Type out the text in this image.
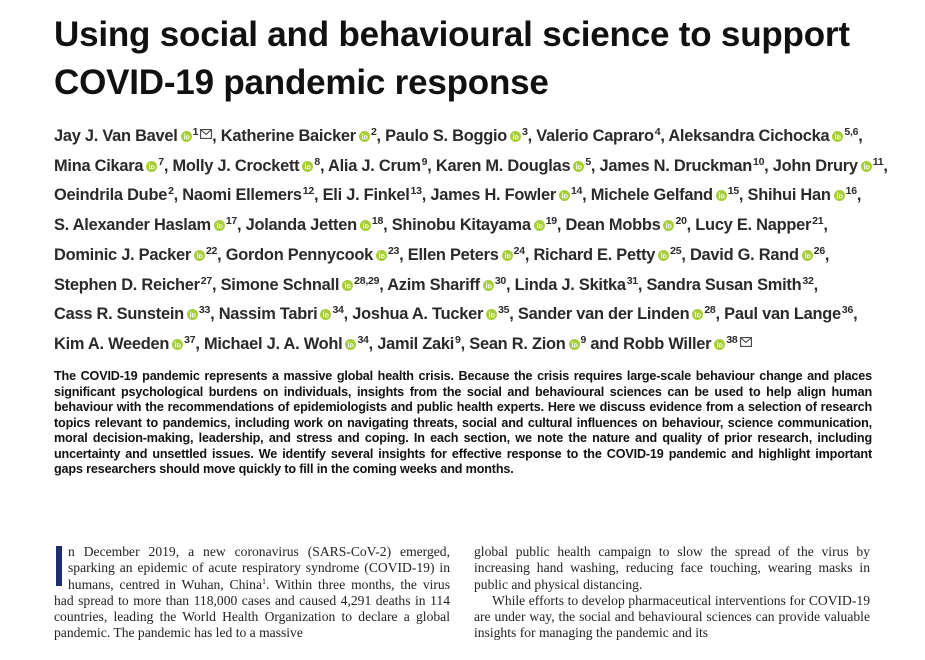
Using social and behavioural science to support COVID-19 pandemic response

Jay J. Van Bavel $^1$ , Katherine Baicker $^2$, Paulo S. Boggio $^3$, Valerio Capraro$^4$, Aleksandra Cichocka $^{5,6}$, Mina Cikara $^7$, Molly J. Crockett $^8$, Alia J. Crum$^9$, Karen M. Douglas $^5$, James N. Druckman$^{10}$, John Drury $^{11}$, Oeindrila Dube$^2$, Naomi Ellemers$^{12}$, Eli J. Finkel$^{13}$, James H. Fowler $^{14}$, Michele Gelfand $^{15}$, Shihui Han $^{16}$, S. Alexander Haslam $^{17}$, Jolanda Jetten $^{18}$, Shinobu Kitayama $^{19}$, Dean Mobbs $^{20}$, Lucy E. Napper$^{21}$, Dominic J. Packer $^{22}$, Gordon Pennycook $^{23}$, Ellen Peters $^{24}$, Richard E. Petty $^{25}$, David G. Rand $^{26}$, Stephen D. Reicher$^{27}$, Simone Schnall $^{28,29}$, Azim Shariff $^{30}$, Linda J. Skitka$^{31}$, Sandra Susan Smith$^{32}$, Cass R. Sunstein $^{33}$, Nassim Tabri $^{34}$, Joshua A. Tucker $^{35}$, Sander van der Linden $^{28}$, Paul van Lange$^{36}$, Kim A. Weeden $^{37}$, Michael J. A. Wohl $^{34}$, Jamil Zaki$^9$, Sean R. Zion $^9$ and Robb Willer $^{38}$

The COVID-19 pandemic represents a massive global health crisis. Because the crisis requires large-scale behaviour change and places significant psychological burdens on individuals, insights from the social and behavioural sciences can be used to help align human behaviour with the recommendations of epidemiologists and public health experts. Here we discuss evidence from a selection of research topics relevant to pandemics, including work on navigating threats, social and cultural influences on behaviour, science communication, moral decision-making, leadership, and stress and coping. In each section, we note the nature and quality of prior research, including uncertainty and unsettled issues. We identify several insights for effective response to the COVID-19 pandemic and highlight important gaps researchers should move quickly to fill in the coming weeks and months.

n December 2019, a new coronavirus (SARS-CoV-2) emerged, sparking an epidemic of acute respiratory syndrome (COVID-19) in humans, centred in Wuhan, China$^1$. Within three months, the virus had spread to more than 118,000 cases and caused 4,291 deaths in 114 countries, leading the World Health Organization to declare a global pandemic. The pandemic has led to a massive

global public health campaign to slow the spread of the virus by increasing hand washing, reducing face touching, wearing masks in public and physical distancing.

While efforts to develop pharmaceutical interventions for COVID-19 are under way, the social and behavioural sciences can provide valuable insights for managing the pandemic and its
